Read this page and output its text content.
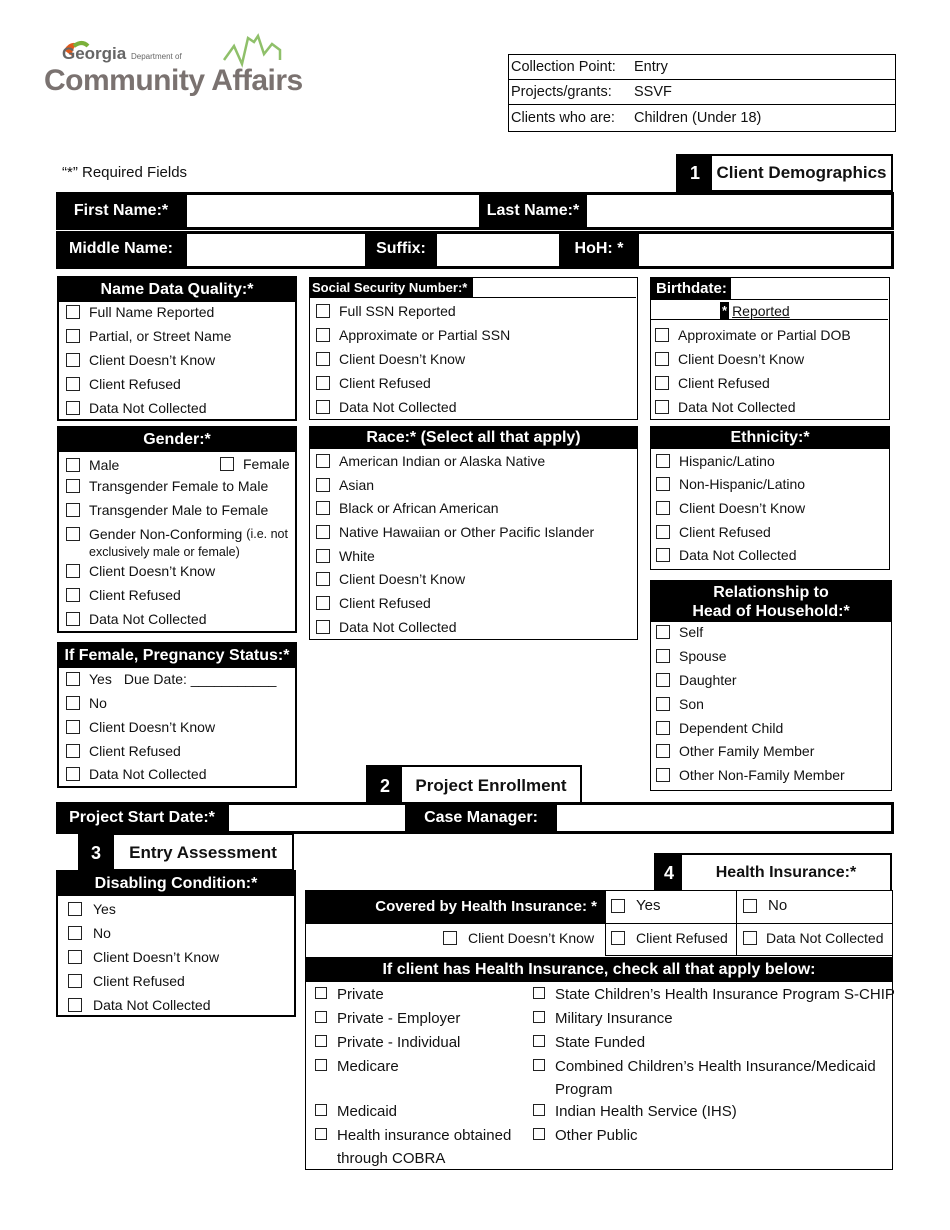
Georgia Department of
Community Affairs	Collection Point:	Entry
Projects/grants:	SSVF
Clients who are:	Children (Under 18)
“*” Required Fields	1 Client Demographics
First Name:*	Last Name:*
Middle Name:	Suffix:	HoH: *
Name Data Quality:*
Full Name Reported
Partial, or Street Name
Client Doesn’t Know
Client Refused
Data Not Collected
Social Security Number:*
Full SSN Reported
Approximate or Partial SSN
Client Doesn’t Know
Client Refused
Data Not Collected
Birthdate:
* Reported
Approximate or Partial DOB
Client Doesn’t Know
Client Refused
Data Not Collected
Gender:*
Male	Female
Transgender Female to Male
Transgender Male to Female
Gender Non-Conforming (i.e. not
exclusively male or female)
Client Doesn’t Know
Client Refused
Data Not Collected
Race:* (Select all that apply)
American Indian or Alaska Native
Asian
Black or African American
Native Hawaiian or Other Pacific Islander
White
Client Doesn’t Know
Client Refused
Data Not Collected
Ethnicity:*
Hispanic/Latino
Non-Hispanic/Latino
Client Doesn’t Know
Client Refused
Data Not Collected
Relationship to
Head of Household:*
Self
Spouse
Daughter
Son
Dependent Child
Other Family Member
Other Non-Family Member
If Female, Pregnancy Status:*
Yes Due Date: ___________
No
Client Doesn’t Know
Client Refused
Data Not Collected
2	Project Enrollment
Project Start Date:*	Case Manager:
3	Entry Assessment
Disabling Condition:*
Yes
No
Client Doesn’t Know
Client Refused
Data Not Collected
4	Health Insurance:*
Covered by Health Insurance: *	Yes	No
Client Doesn’t Know	Client Refused	Data Not Collected
If client has Health Insurance, check all that apply below:
Private
Private - Employer
Private - Individual
Medicare
Medicaid
Health insurance obtained
through COBRA
State Children’s Health Insurance Program S-CHIP
Military Insurance
State Funded
Combined Children’s Health Insurance/Medicaid
Program
Indian Health Service (IHS)
Other Public
